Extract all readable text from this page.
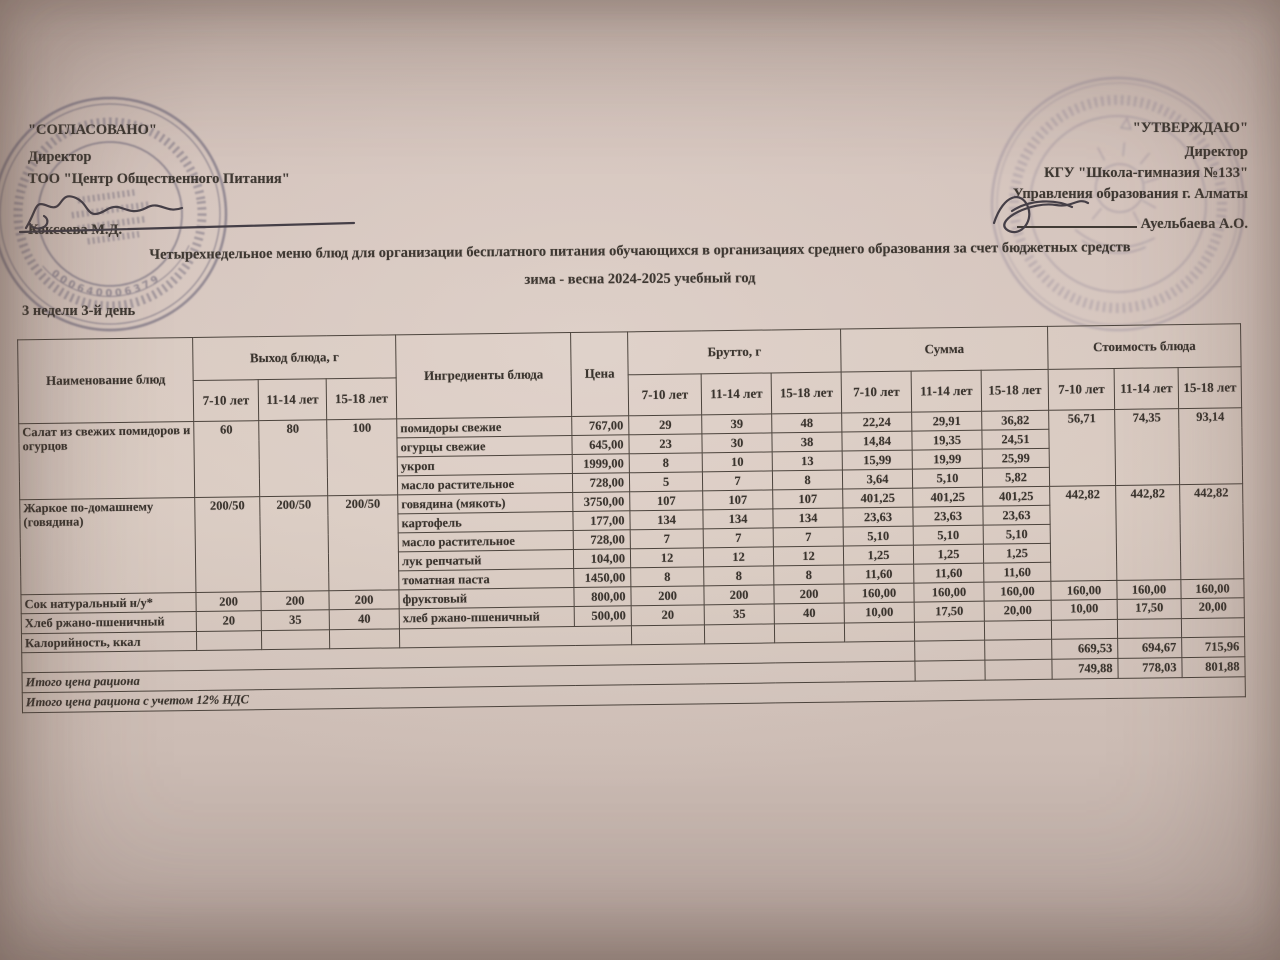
000640006379
"СОГЛАСОВАНО"
Директор
ТОО "Центр Общественного Питания"
Коксеева М.Д.
"УТВЕРЖДАЮ"
Директор
КГУ "Школа-гимназия №133"
Управления образования г. Алматы
Ауельбаева А.О.
Четырехнедельное меню блюд для организации бесплатного питания обучающихся в организациях среднего образования за счет бюджетных средств
зима - весна 2024-2025 учебный год
3 недели 3-й день
Наименование блюд	Выход блюда, г			Ингредиенты блюда	Цена	Брутто, г			Сумма			Стоимость блюда		
	7-10 лет	11-14 лет	15-18 лет			7-10 лет	11-14 лет	15-18 лет	7-10 лет	11-14 лет	15-18 лет	7-10 лет	11-14 лет	15-18 лет
Салат из свежих помидоров и огурцов	60	80	100	помидоры свежие	767,00	29	39	48	22,24	29,91	36,82	56,71	74,35	93,14
				огурцы свежие	645,00	23	30	38	14,84	19,35	24,51			
				укроп	1999,00	8	10	13	15,99	19,99	25,99			
				масло растительное	728,00	5	7	8	3,64	5,10	5,82			
Жаркое по-домашнему (говядина)	200/50	200/50	200/50	говядина (мякоть)	3750,00	107	107	107	401,25	401,25	401,25	442,82	442,82	442,82
				картофель	177,00	134	134	134	23,63	23,63	23,63			
				масло растительное	728,00	7	7	7	5,10	5,10	5,10			
				лук репчатый	104,00	12	12	12	1,25	1,25	1,25			
				томатная паста	1450,00	8	8	8	11,60	11,60	11,60			
Сок натуральный н/у*	200	200	200	фруктовый	800,00	200	200	200	160,00	160,00	160,00	160,00	160,00	160,00
Хлеб ржано-пшеничный	20	35	40	хлеб ржано-пшеничный	500,00	20	35	40	10,00	17,50	20,00	10,00	17,50	20,00
Калорийность, ккал														
												669,53	694,67	715,96
Итого цена рациона												749,88	778,03	801,88
Итого цена рациона с учетом 12% НДС														
